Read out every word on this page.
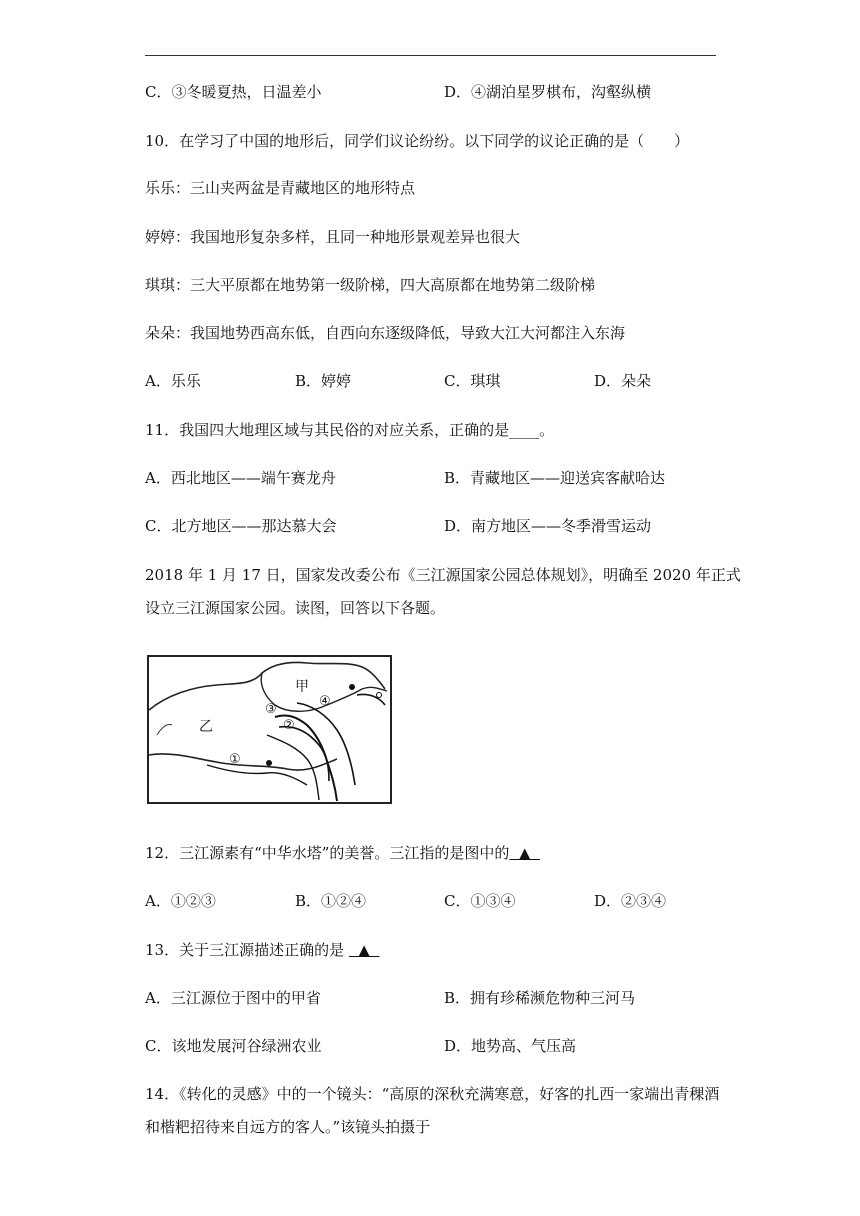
C．③冬暖夏热，日温差小	D．④湖泊星罗棋布，沟壑纵横
10．在学习了中国的地形后，同学们议论纷纷。以下同学的议论正确的是（　　）
乐乐：三山夹两盆是青藏地区的地形特点
婷婷：我国地形复杂多样，且同一种地形景观差异也很大
琪琪：三大平原都在地势第一级阶梯，四大高原都在地势第二级阶梯
朵朵：我国地势西高东低，自西向东逐级降低，导致大江大河都注入东海
A．乐乐	B．婷婷	C．琪琪	D．朵朵
11．我国四大地理区域与其民俗的对应关系，正确的是____。
A．西北地区——端午赛龙舟	B．青藏地区——迎送宾客献哈达
C．北方地区——那达慕大会	D．南方地区——冬季滑雪运动
2018 年 1 月 17 日，国家发改委公布《三江源国家公园总体规划》，明确至 2020 年正式
设立三江源国家公园。读图，回答以下各题。
甲
乙
①
②
③
④
12．三江源素有“中华水塔”的美誉。三江指的是图中的  ▲
A．①②③	B．①②④	C．①③④	D．②③④
13．关于三江源描述正确的是   ▲
A．三江源位于图中的甲省	B．拥有珍稀濒危物种三河马
C．该地发展河谷绿洲农业	D．地势高、气压高
14．《转化的灵感》中的一个镜头：“高原的深秋充满寒意，好客的扎西一家端出青稞酒
和楷粑招待来自远方的客人。”该镜头拍摄于
